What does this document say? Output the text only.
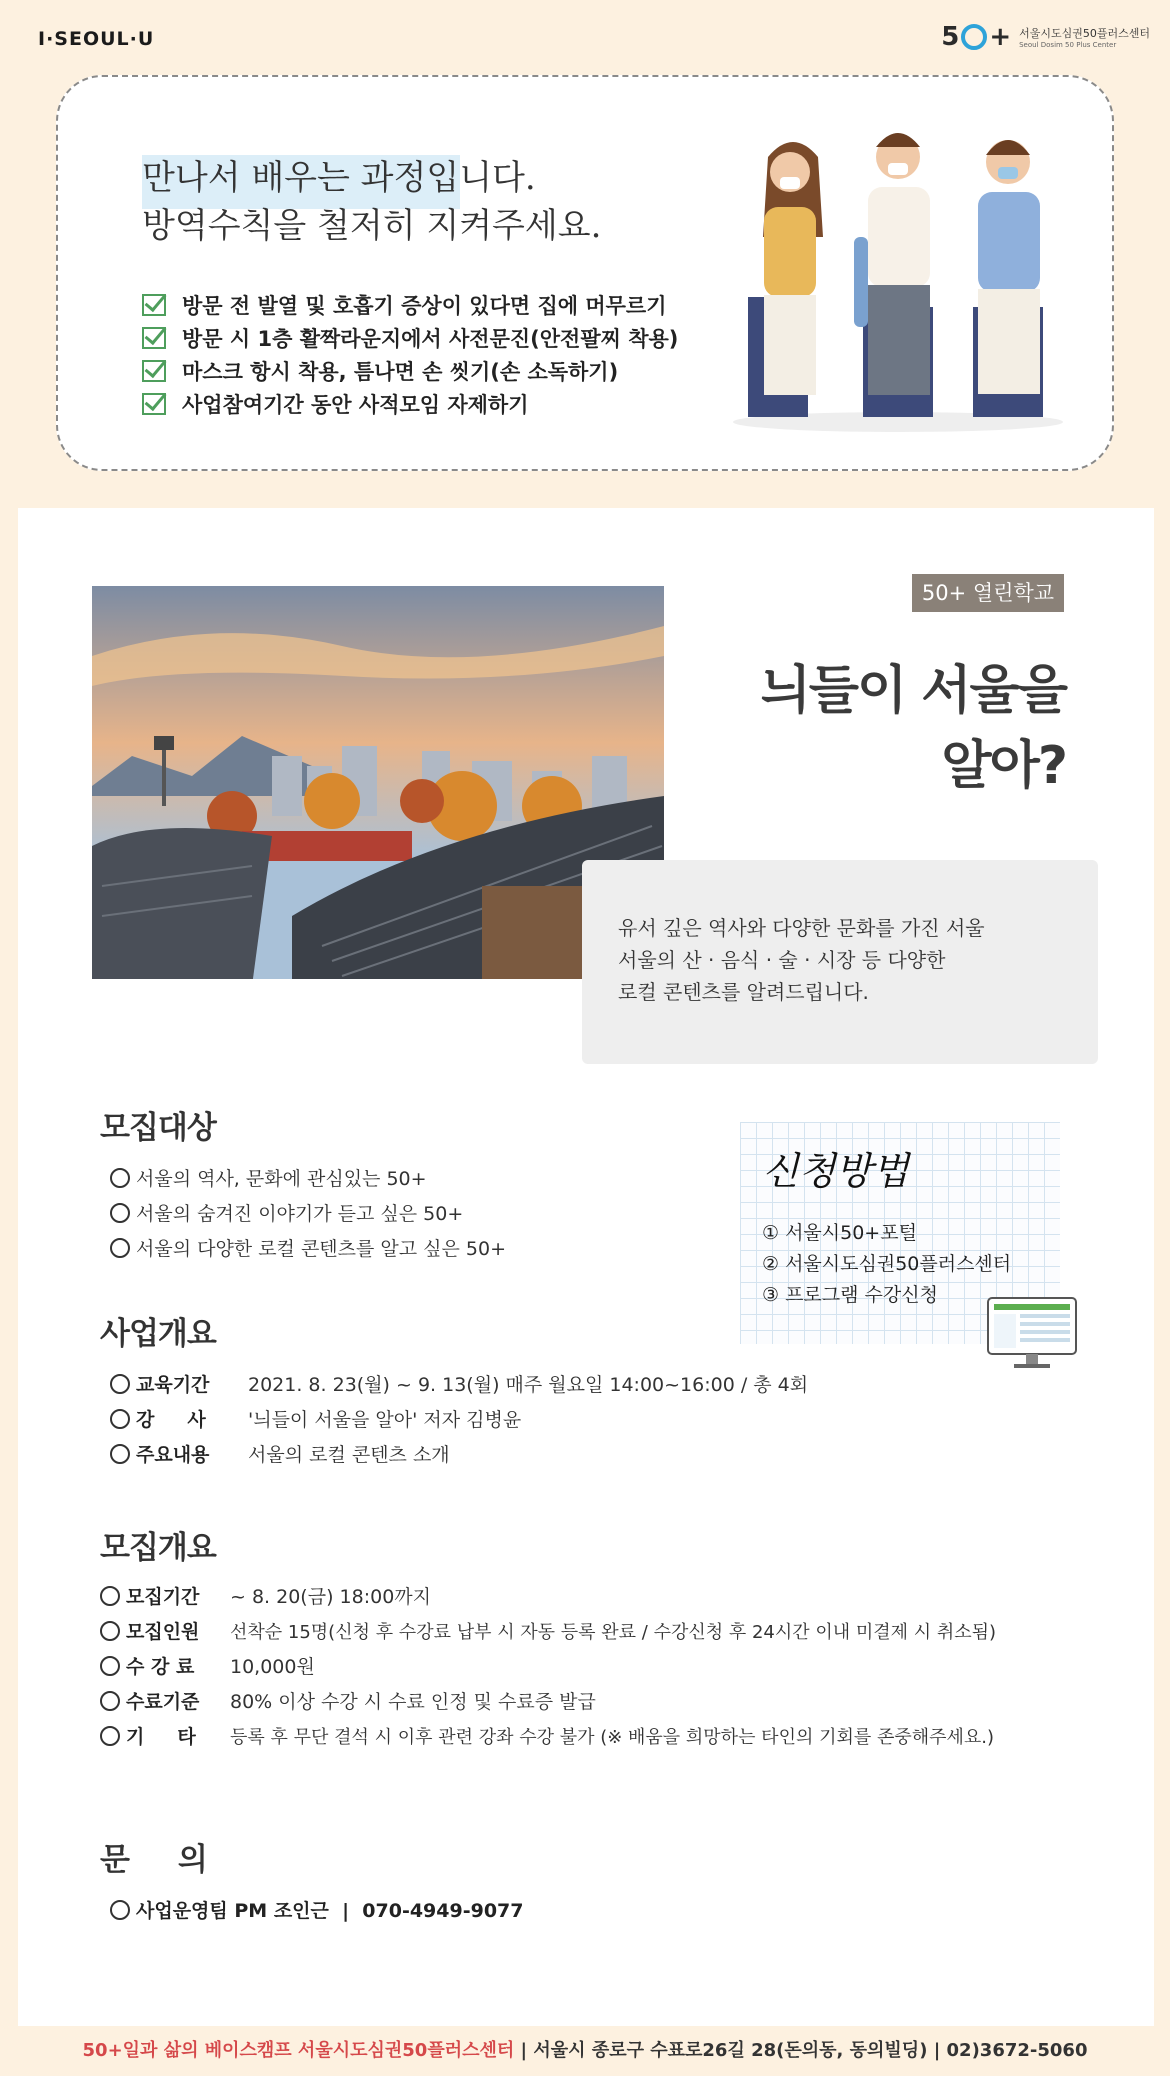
I·SEOUL·U	5 + 서울시도심권50플러스센터
Seoul Dosim 50 Plus Center
만나서 배우는 과정입니다.
방역수칙을 철저히 지켜주세요.
방문 전 발열 및 호흡기 증상이 있다면 집에 머무르기
방문 시 1층 활짝라운지에서 사전문진(안전팔찌 착용)
마스크 항시 착용, 틈나면 손 씻기(손 소독하기)
사업참여기간 동안 사적모임 자제하기
50+ 열린학교
늬들이 서울을
알아?

유서 깊은 역사와 다양한 문화를 가진 서울

서울의 산 · 음식 · 술 · 시장 등 다양한

로컬 콘텐츠를 알려드립니다.

모집대상
서울의 역사, 문화에 관심있는 50+
서울의 숨겨진 이야기가 듣고 싶은 50+
서울의 다양한 로컬 콘텐츠를 알고 싶은 50+
신청방법
① 서울시50+포털
② 서울시도심권50플러스센터
③ 프로그램 수강신청
사업개요
교육기간	2021. 8. 23(월) ~ 9. 13(월) 매주 월요일 14:00~16:00 / 총 4회
강     사	'늬들이 서울을 알아' 저자 김병윤
주요내용	서울의 로컬 콘텐츠 소개
모집개요
모집기간	~ 8. 20(금) 18:00까지
모집인원	선착순 15명(신청 후 수강료 납부 시 자동 등록 완료 / 수강신청 후 24시간 이내 미결제 시 취소됨)
수 강 료	10,000원
수료기준	80% 이상 수강 시 수료 인정 및 수료증 발급
기     타	등록 후 무단 결석 시 이후 관련 강좌 수강 불가 (※ 배움을 희망하는 타인의 기회를 존중해주세요.)
문     의
사업운영팀 PM 조인근  |  070-4949-9077
50+일과 삶의 베이스캠프 서울시도심권50플러스센터 | 서울시 종로구 수표로26길 28(돈의동, 동의빌딩) | 02)3672-5060
